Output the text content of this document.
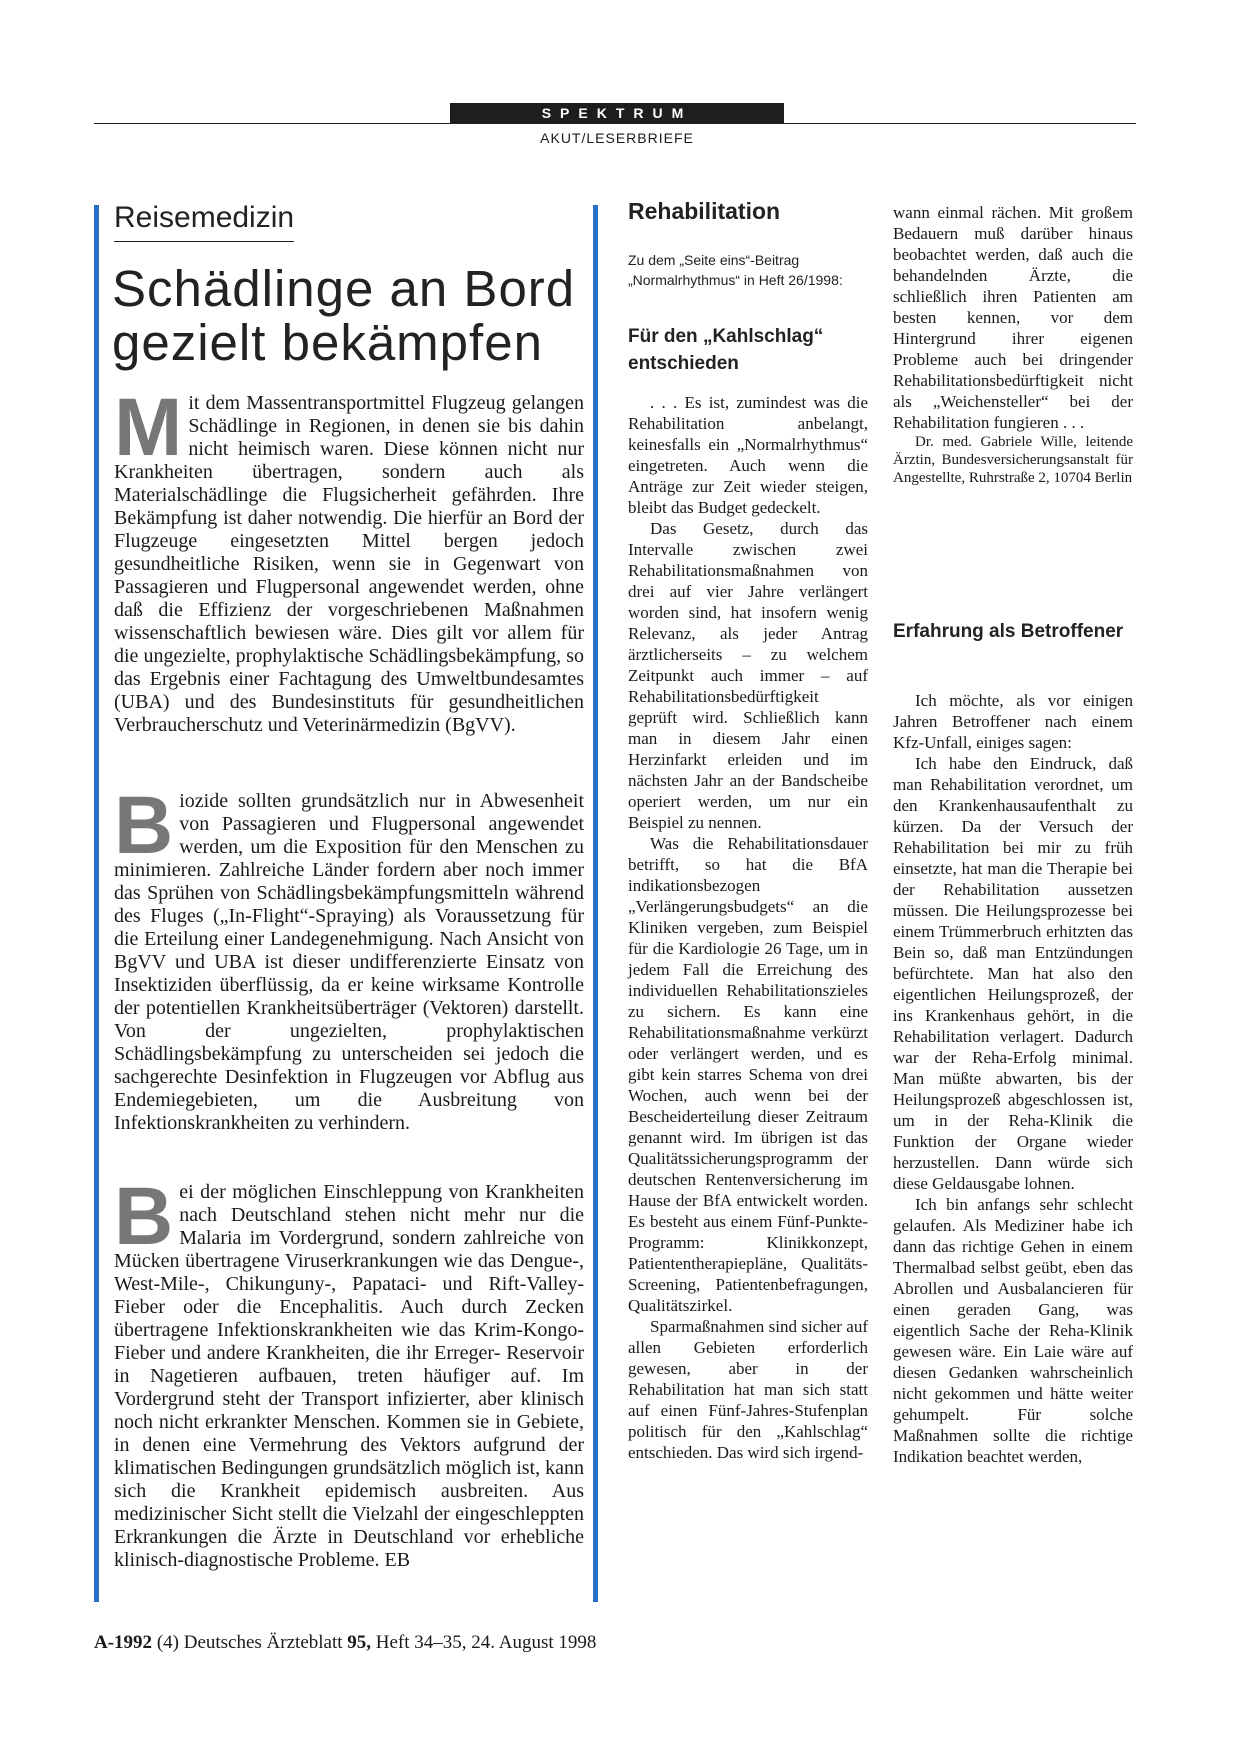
SPEKTRUM
AKUT/LESERBRIEFE
Reisemedizin
Schädlinge an Bord
gezielt bekämpfen
Mit dem Massentransportmittel Flugzeug gelangen Schädlinge in Regionen, in denen sie bis dahin nicht heimisch waren. Diese können nicht nur Krankheiten übertragen, sondern auch als Materialschädlinge die Flugsicherheit gefährden. Ihre Bekämpfung ist daher notwendig. Die hierfür an Bord der Flugzeuge eingesetzten Mittel bergen jedoch gesundheitliche Risiken, wenn sie in Gegenwart von Passagieren und Flugpersonal angewendet werden, ohne daß die Effizienz der vorgeschriebenen Maßnahmen wissenschaftlich bewiesen wäre. Dies gilt vor allem für die ungezielte, prophylaktische Schädlingsbekämpfung, so das Ergebnis einer Fachtagung des Umweltbundesamtes (UBA) und des Bundesinstituts für gesundheitlichen Verbraucherschutz und Veterinärmedizin (BgVV).
Biozide sollten grundsätzlich nur in Abwesenheit von Passagieren und Flugpersonal angewendet werden, um die Exposition für den Menschen zu minimieren. Zahlreiche Länder fordern aber noch immer das Sprühen von Schädlingsbekämpfungsmitteln während des Fluges („In-Flight“-Spraying) als Voraussetzung für die Erteilung einer Landegenehmigung. Nach Ansicht von BgVV und UBA ist dieser undifferenzierte Einsatz von Insektiziden überflüssig, da er keine wirksame Kontrolle der potentiellen Krankheitsüberträger (Vektoren) darstellt. Von der ungezielten, prophylaktischen Schädlingsbekämpfung zu unterscheiden sei jedoch die sachgerechte Desinfektion in Flugzeugen vor Abflug aus Endemiegebieten, um die Ausbreitung von Infektionskrankheiten zu verhindern.
Bei der möglichen Einschleppung von Krankheiten nach Deutschland stehen nicht mehr nur die Malaria im Vordergrund, sondern zahlreiche von Mücken übertragene Viruserkrankungen wie das Dengue-, West-Mile-, Chikunguny-, Papataci- und Rift-Valley-Fieber oder die Encephalitis. Auch durch Zecken übertragene Infektionskrankheiten wie das Krim-Kongo-Fieber und andere Krankheiten, die ihr Erreger- Reservoir in Nagetieren aufbauen, treten häufiger auf. Im Vordergrund steht der Transport infizierter, aber klinisch noch nicht erkrankter Menschen. Kommen sie in Gebiete, in denen eine Vermehrung des Vektors aufgrund der klimatischen Bedingungen grundsätzlich möglich ist, kann sich die Krankheit epidemisch ausbreiten. Aus medizinischer Sicht stellt die Vielzahl der eingeschleppten Erkrankungen die Ärzte in Deutschland vor erhebliche klinisch-diagnostische Probleme. EB

Rehabilitation

Zu dem „Seite eins“-Beitrag „Normalrhythmus“ in Heft 26/1998:

Für den „Kahlschlag“ entschieden

. . . Es ist, zumindest was die Rehabilitation anbelangt, keinesfalls ein „Normalrhythmus“ eingetreten. Auch wenn die Anträge zur Zeit wieder steigen, bleibt das Budget gedeckelt.

Das Gesetz, durch das Intervalle zwischen zwei Rehabilitationsmaßnahmen von drei auf vier Jahre verlängert worden sind, hat insofern wenig Relevanz, als jeder Antrag ärztlicherseits – zu welchem Zeitpunkt auch immer – auf Rehabilitationsbedürftigkeit geprüft wird. Schließlich kann man in diesem Jahr einen Herzinfarkt erleiden und im nächsten Jahr an der Bandscheibe operiert werden, um nur ein Beispiel zu nennen.

Was die Rehabilitationsdauer betrifft, so hat die BfA indikationsbezogen „Verlängerungsbudgets“ an die Kliniken vergeben, zum Beispiel für die Kardiologie 26 Tage, um in jedem Fall die Erreichung des individuellen Rehabilitationszieles zu sichern. Es kann eine Rehabilitationsmaßnahme verkürzt oder verlängert werden, und es gibt kein starres Schema von drei Wochen, auch wenn bei der Bescheiderteilung dieser Zeitraum genannt wird. Im übrigen ist das Qualitätssicherungsprogramm der deutschen Rentenversicherung im Hause der BfA entwickelt worden. Es besteht aus einem Fünf-Punkte-Programm: Klinikkonzept, Patiententherapiepläne, Qualitäts-Screening, Patientenbefragungen, Qualitätszirkel.

Sparmaßnahmen sind sicher auf allen Gebieten erforderlich gewesen, aber in der Rehabilitation hat man sich statt auf einen Fünf-Jahres-Stufenplan politisch für den „Kahlschlag“ entschieden. Das wird sich irgend-

wann einmal rächen. Mit großem Bedauern muß darüber hinaus beobachtet werden, daß auch die behandelnden Ärzte, die schließlich ihren Patienten am besten kennen, vor dem Hintergrund ihrer eigenen Probleme auch bei dringender Rehabilitationsbedürftigkeit nicht als „Weichensteller“ bei der Rehabilitation fungieren . . .

Dr. med. Gabriele Wille, leitende Ärztin, Bundesversicherungsanstalt für Angestellte, Ruhrstraße 2, 10704 Berlin

Erfahrung als Betroffener

Ich möchte, als vor einigen Jahren Betroffener nach einem Kfz-Unfall, einiges sagen:

Ich habe den Eindruck, daß man Rehabilitation verordnet, um den Krankenhausaufenthalt zu kürzen. Da der Versuch der Rehabilitation bei mir zu früh einsetzte, hat man die Therapie bei der Rehabilitation aussetzen müssen. Die Heilungsprozesse bei einem Trümmerbruch erhitzten das Bein so, daß man Entzündungen befürchtete. Man hat also den eigentlichen Heilungsprozeß, der ins Krankenhaus gehört, in die Rehabilitation verlagert. Dadurch war der Reha-Erfolg minimal. Man müßte abwarten, bis der Heilungsprozeß abgeschlossen ist, um in der Reha-Klinik die Funktion der Organe wieder herzustellen. Dann würde sich diese Geldausgabe lohnen.

Ich bin anfangs sehr schlecht gelaufen. Als Mediziner habe ich dann das richtige Gehen in einem Thermalbad selbst geübt, eben das Abrollen und Ausbalancieren für einen geraden Gang, was eigentlich Sache der Reha-Klinik gewesen wäre. Ein Laie wäre auf diesen Gedanken wahrscheinlich nicht gekommen und hätte weiter gehumpelt. Für solche Maßnahmen sollte die richtige Indikation beachtet werden,

A-1992 (4) Deutsches Ärzteblatt 95, Heft 34–35, 24. August 1998
